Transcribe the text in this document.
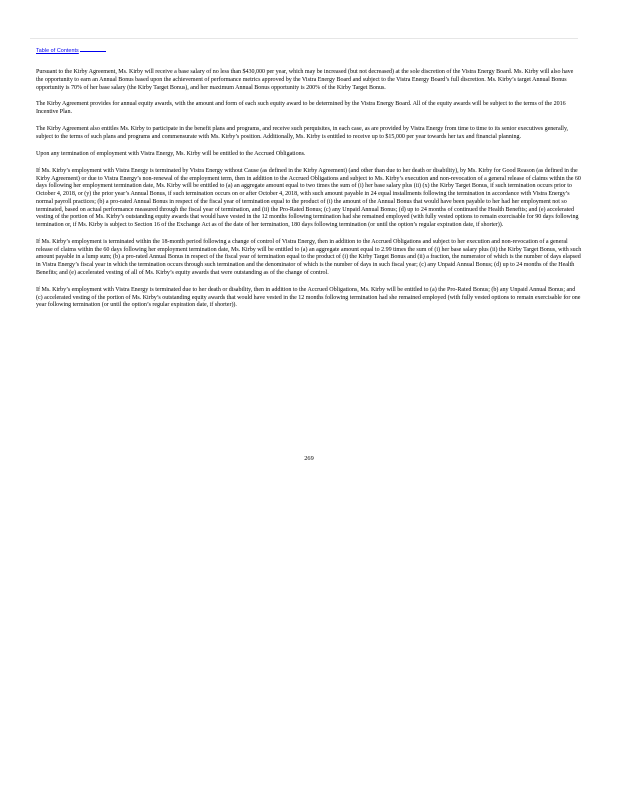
Table of Contents

Pursuant to the Kirby Agreement, Ms. Kirby will receive a base salary of no less than $430,000 per year, which may be increased (but not decreased) at the sole discretion of the Vistra Energy Board. Ms. Kirby will also have the opportunity to earn an Annual Bonus based upon the achievement of performance metrics approved by the Vistra Energy Board and subject to the Vistra Energy Board’s full discretion. Ms. Kirby’s target Annual Bonus opportunity is 70% of her base salary (the Kirby Target Bonus), and her maximum Annual Bonus opportunity is 200% of the Kirby Target Bonus.

The Kirby Agreement provides for annual equity awards, with the amount and form of each such equity award to be determined by the Vistra Energy Board. All of the equity awards will be subject to the terms of the 2016 Incentive Plan.

The Kirby Agreement also entitles Ms. Kirby to participate in the benefit plans and programs, and receive such perquisites, in each case, as are provided by Vistra Energy from time to time to its senior executives generally, subject to the terms of such plans and programs and commensurate with Ms. Kirby’s position. Additionally, Ms. Kirby is entitled to receive up to $15,000 per year towards her tax and financial planning.

Upon any termination of employment with Vistra Energy, Ms. Kirby will be entitled to the Accrued Obligations.

If Ms. Kirby’s employment with Vistra Energy is terminated by Vistra Energy without Cause (as defined in the Kirby Agreement) (and other than due to her death or disability), by Ms. Kirby for Good Reason (as defined in the Kirby Agreement) or due to Vistra Energy’s non-renewal of the employment term, then in addition to the Accrued Obligations and subject to Ms. Kirby’s execution and non-revocation of a general release of claims within the 60 days following her employment termination date, Ms. Kirby will be entitled to (a) an aggregate amount equal to two times the sum of (i) her base salary plus (ii) (x) the Kirby Target Bonus, if such termination occurs prior to October 4, 2018, or (y) the prior year’s Annual Bonus, if such termination occurs on or after October 4, 2018, with such amount payable in 24 equal installments following the termination in accordance with Vistra Energy’s normal payroll practices; (b) a pro-rated Annual Bonus in respect of the fiscal year of termination equal to the product of (i) the amount of the Annual Bonus that would have been payable to her had her employment not so terminated, based on actual performance measured through the fiscal year of termination, and (ii) the Pro-Rated Bonus; (c) any Unpaid Annual Bonus; (d) up to 24 months of continued the Health Benefits; and (e) accelerated vesting of the portion of Ms. Kirby’s outstanding equity awards that would have vested in the 12 months following termination had she remained employed (with fully vested options to remain exercisable for 90 days following termination or, if Ms. Kirby is subject to Section 16 of the Exchange Act as of the date of her termination, 180 days following termination (or until the option’s regular expiration date, if shorter)).

If Ms. Kirby’s employment is terminated within the 18-month period following a change of control of Vistra Energy, then in addition to the Accrued Obligations and subject to her execution and non-revocation of a general release of claims within the 60 days following her employment termination date, Ms. Kirby will be entitled to (a) an aggregate amount equal to 2.99 times the sum of (i) her base salary plus (ii) the Kirby Target Bonus, with such amount payable in a lump sum; (b) a pro-rated Annual Bonus in respect of the fiscal year of termination equal to the product of (i) the Kirby Target Bonus and (ii) a fraction, the numerator of which is the number of days elapsed in Vistra Energy’s fiscal year in which the termination occurs through such termination and the denominator of which is the number of days in such fiscal year; (c) any Unpaid Annual Bonus; (d) up to 24 months of the Health Benefits; and (e) accelerated vesting of all of Ms. Kirby’s equity awards that were outstanding as of the change of control.

If Ms. Kirby’s employment with Vistra Energy is terminated due to her death or disability, then in addition to the Accrued Obligations, Ms. Kirby will be entitled to (a) the Pro-Rated Bonus; (b) any Unpaid Annual Bonus; and (c) accelerated vesting of the portion of Ms. Kirby’s outstanding equity awards that would have vested in the 12 months following termination had she remained employed (with fully vested options to remain exercisable for one year following termination (or until the option’s regular expiration date, if shorter)).

269
